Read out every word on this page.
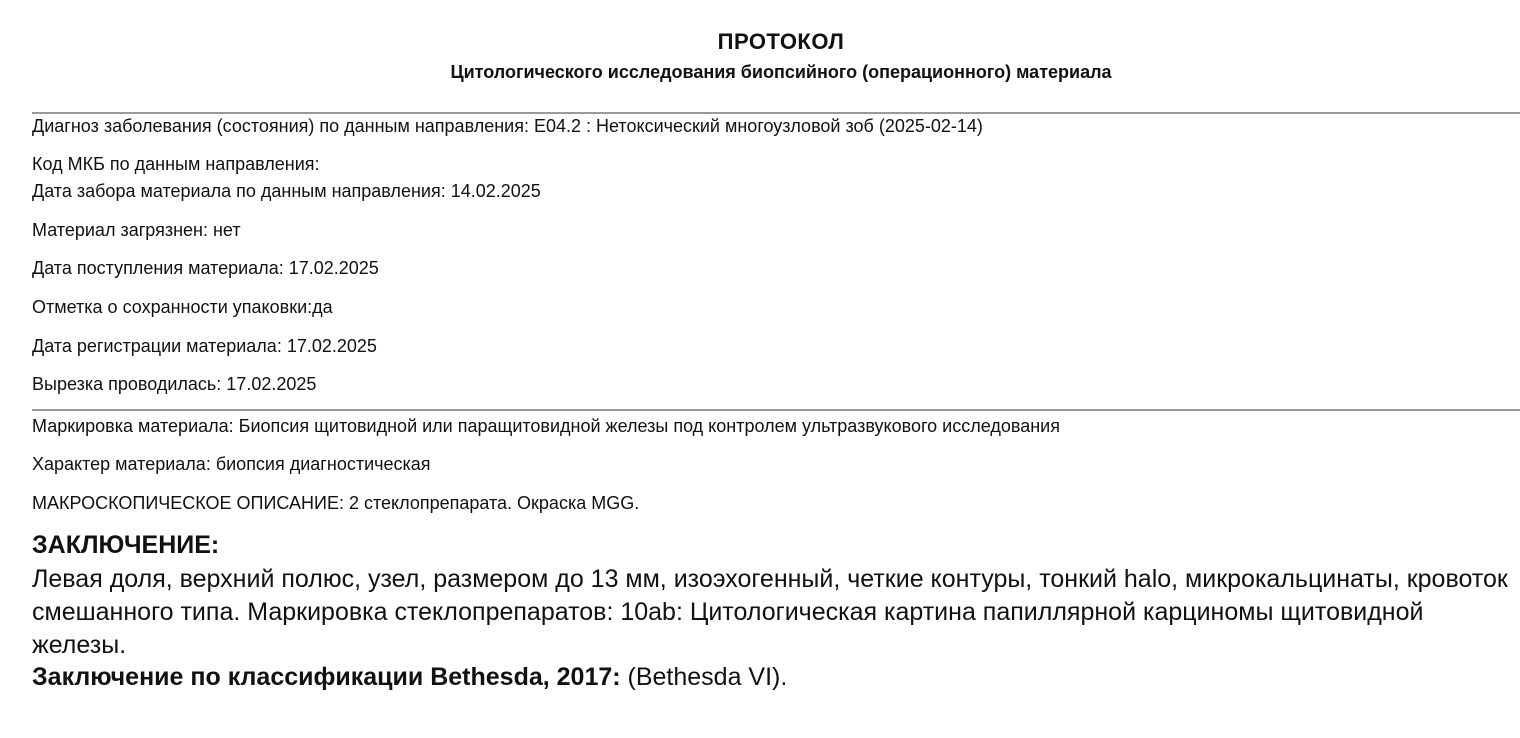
ПРОТОКОЛ
Цитологического исследования биопсийного (операционного) материала
Диагноз заболевания (состояния) по данным направления: E04.2 : Нетоксический многоузловой зоб (2025-02-14)
Код МКБ по данным направления:
Дата забора материала по данным направления: 14.02.2025
Материал загрязнен: нет
Дата поступления материала: 17.02.2025
Отметка о сохранности упаковки:да
Дата регистрации материала: 17.02.2025
Вырезка проводилась: 17.02.2025
Маркировка материала: Биопсия щитовидной или паращитовидной железы под контролем ультразвукового исследования
Характер материала: биопсия диагностическая
МАКРОСКОПИЧЕСКОЕ ОПИСАНИЕ: 2 стеклопрепарата. Окраска MGG.
ЗАКЛЮЧЕНИЕ:
Левая доля, верхний полюс, узел, размером до 13 мм, изоэхогенный, четкие контуры, тонкий halo, микрокальцинаты, кровоток смешанного типа. Маркировка стеклопрепаратов: 10ab: Цитологическая картина папиллярной карциномы щитовидной железы.
Заключение по классификации Bethesda, 2017: (Bethesda VI).
